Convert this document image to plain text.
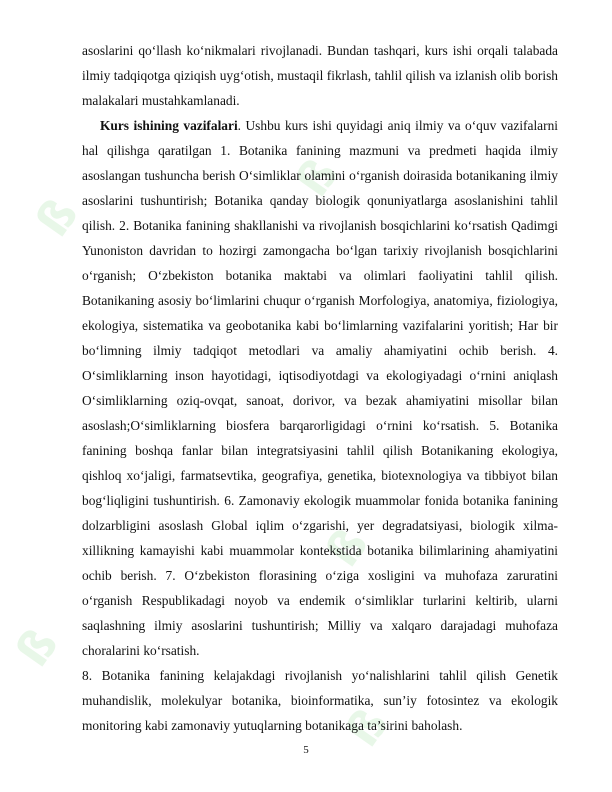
ß
ß
ß
ß
ß

asoslarini qo‘llash ko‘nikmalari rivojlanadi. Bundan tashqari, kurs ishi orqali talabada ilmiy tadqiqotga qiziqish uyg‘otish, mustaqil fikrlash, tahlil qilish va izlanish olib borish malakalari mustahkamlanadi.

Kurs ishining vazifalari. Ushbu kurs ishi quyidagi aniq ilmiy va o‘quv vazifalarni hal qilishga qaratilgan 1. Botanika fanining mazmuni va predmeti haqida ilmiy asoslangan tushuncha berish O‘simliklar olamini o‘rganish doirasida botanikaning ilmiy asoslarini tushuntirish; Botanika qanday biologik qonuniyatlarga asoslanishini tahlil qilish. 2. Botanika fanining shakllanishi va rivojlanish bosqichlarini ko‘rsatish Qadimgi Yunoniston davridan to hozirgi zamongacha bo‘lgan tarixiy rivojlanish bosqichlarini o‘rganish; O‘zbekiston botanika maktabi va olimlari faoliyatini tahlil qilish. Botanikaning asosiy bo‘limlarini chuqur o‘rganish Morfologiya, anatomiya, fiziologiya, ekologiya, sistematika va geobotanika kabi bo‘limlarning vazifalarini yoritish; Har bir bo‘limning ilmiy tadqiqot metodlari va amaliy ahamiyatini ochib berish. 4. O‘simliklarning inson hayotidagi, iqtisodiyotdagi va ekologiyadagi o‘rnini aniqlash O‘simliklarning oziq-ovqat, sanoat, dorivor, va bezak ahamiyatini misollar bilan asoslash;O‘simliklarning biosfera barqarorligidagi o‘rnini ko‘rsatish. 5. Botanika fanining boshqa fanlar bilan integratsiyasini tahlil qilish Botanikaning ekologiya, qishloq xo‘jaligi, farmatsevtika, geografiya, genetika, biotexnologiya va tibbiyot bilan bog‘liqligini tushuntirish. 6. Zamonaviy ekologik muammolar fonida botanika fanining dolzarbligini asoslash Global iqlim o‘zgarishi, yer degradatsiyasi, biologik xilma-xillikning kamayishi kabi muammolar kontekstida botanika bilimlarining ahamiyatini ochib berish. 7. O‘zbekiston florasining o‘ziga xosligini va muhofaza zaruratini o‘rganish Respublikadagi noyob va endemik o‘simliklar turlarini keltirib, ularni saqlashning ilmiy asoslarini tushuntirish; Milliy va xalqaro darajadagi muhofaza choralarini ko‘rsatish.

8. Botanika fanining kelajakdagi rivojlanish yo‘nalishlarini tahlil qilish Genetik muhandislik, molekulyar botanika, bioinformatika, sun’iy fotosintez va ekologik monitoring kabi zamonaviy yutuqlarning botanikaga ta’sirini baholash.

5
